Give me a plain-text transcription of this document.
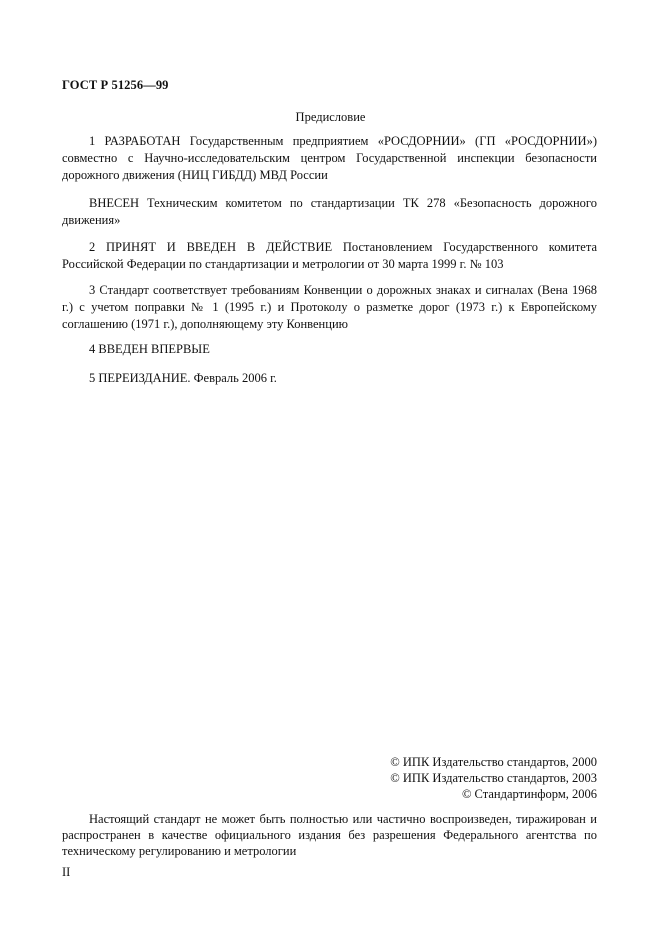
ГОСТ Р 51256—99
Предисловие

1 РАЗРАБОТАН Государственным предприятием «РОСДОРНИИ» (ГП «РОСДОРНИИ») совместно с Научно-исследовательским центром Государственной инспекции безопасности дорожного движения (НИЦ ГИБДД) МВД России

ВНЕСЕН Техническим комитетом по стандартизации ТК 278 «Безопасность дорожного движения»

2 ПРИНЯТ И ВВЕДЕН В ДЕЙСТВИЕ Постановлением Государственного комитета Российской Федерации по стандартизации и метрологии от 30 марта 1999 г. № 103

3 Стандарт соответствует требованиям Конвенции о дорожных знаках и сигналах (Вена 1968 г.) с учетом поправки № 1 (1995 г.) и Протоколу о разметке дорог (1973 г.) к Европейскому соглашению (1971 г.), дополняющему эту Конвенцию

4 ВВЕДЕН ВПЕРВЫЕ

5 ПЕРЕИЗДАНИЕ. Февраль 2006 г.

© ИПК Издательство стандартов, 2000
© ИПК Издательство стандартов, 2003
© Стандартинформ, 2006

Настоящий стандарт не может быть полностью или частично воспроизведен, тиражирован и распространен в качестве официального издания без разрешения Федерального агентства по техническому регулированию и метрологии

II
